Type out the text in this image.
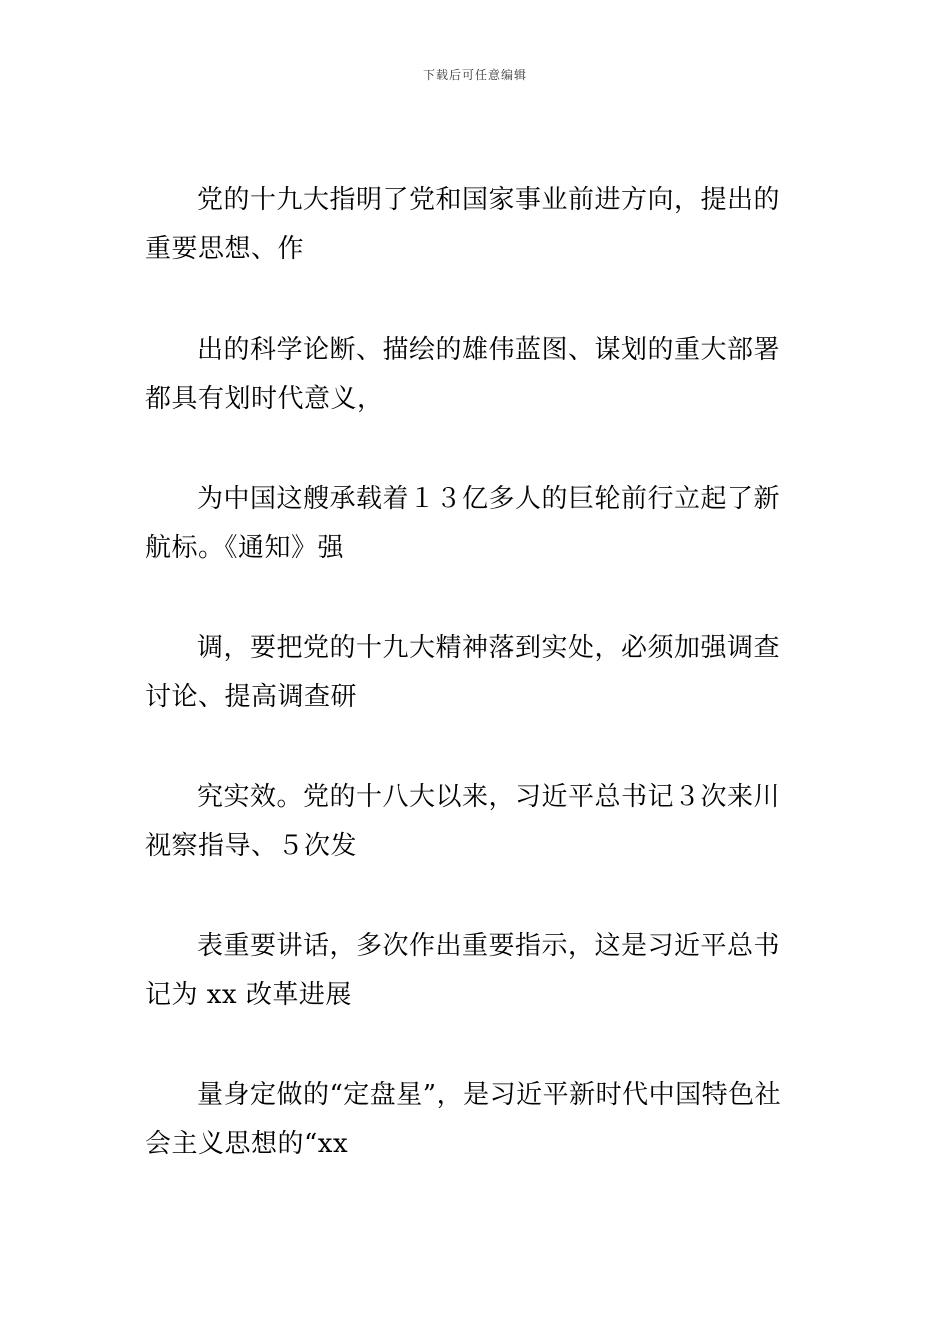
下载后可任意编辑

党的十九大指明了党和国家事业前进方向，提出的重要思想、作

出的科学论断、描绘的雄伟蓝图、谋划的重大部署都具有划时代意义，

为中国这艘承载着１３亿多人的巨轮前行立起了新航标。《通知》强

调，要把党的十九大精神落到实处，必须加强调查讨论、提高调查研

究实效。党的十八大以来，习近平总书记３次来川视察指导、５次发

表重要讲话，多次作出重要指示，这是习近平总书记为 xx 改革进展

量身定做的“定盘星”，是习近平新时代中国特色社会主义思想的“xx
